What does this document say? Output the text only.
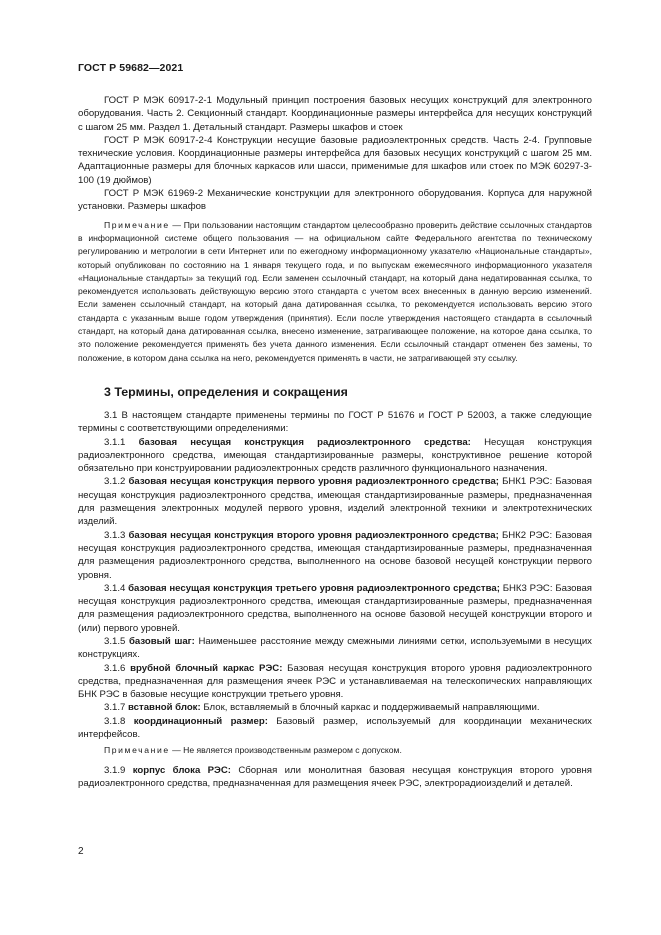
ГОСТ Р 59682—2021

ГОСТ Р МЭК 60917-2-1 Модульный принцип построения базовых несущих конструкций для электронного оборудования. Часть 2. Секционный стандарт. Координационные размеры интерфейса для несущих конструкций с шагом 25 мм. Раздел 1. Детальный стандарт. Размеры шкафов и стоек

ГОСТ Р МЭК 60917-2-4 Конструкции несущие базовые радиоэлектронных средств. Часть 2-4. Групповые технические условия. Координационные размеры интерфейса для базовых несущих конструкций с шагом 25 мм. Адаптационные размеры для блочных каркасов или шасси, применимые для шкафов или стоек по МЭК 60297-3-100 (19 дюймов)

ГОСТ Р МЭК 61969-2 Механические конструкции для электронного оборудования. Корпуса для наружной установки. Размеры шкафов

Примечание — При пользовании настоящим стандартом целесообразно проверить действие ссылочных стандартов в информационной системе общего пользования — на официальном сайте Федерального агентства по техническому регулированию и метрологии в сети Интернет или по ежегодному информационному указателю «Национальные стандарты», который опубликован по состоянию на 1 января текущего года, и по выпускам ежемесячного информационного указателя «Национальные стандарты» за текущий год. Если заменен ссылочный стандарт, на который дана недатированная ссылка, то рекомендуется использовать действующую версию этого стандарта с учетом всех внесенных в данную версию изменений. Если заменен ссылочный стандарт, на который дана датированная ссылка, то рекомендуется использовать версию этого стандарта с указанным выше годом утверждения (принятия). Если после утверждения настоящего стандарта в ссылочный стандарт, на который дана датированная ссылка, внесено изменение, затрагивающее положение, на которое дана ссылка, то это положение рекомендуется применять без учета данного изменения. Если ссылочный стандарт отменен без замены, то положение, в котором дана ссылка на него, рекомендуется применять в части, не затрагивающей эту ссылку.

3 Термины, определения и сокращения

3.1 В настоящем стандарте применены термины по ГОСТ Р 51676 и ГОСТ Р 52003, а также следующие термины с соответствующими определениями:

3.1.1 базовая несущая конструкция радиоэлектронного средства: Несущая конструкция радиоэлектронного средства, имеющая стандартизированные размеры, конструктивное решение которой обязательно при конструировании радиоэлектронных средств различного функционального назначения.

3.1.2 базовая несущая конструкция первого уровня радиоэлектронного средства; БНК1 РЭС: Базовая несущая конструкция радиоэлектронного средства, имеющая стандартизированные размеры, предназначенная для размещения электронных модулей первого уровня, изделий электронной техники и электротехнических изделий.

3.1.3 базовая несущая конструкция второго уровня радиоэлектронного средства; БНК2 РЭС: Базовая несущая конструкция радиоэлектронного средства, имеющая стандартизированные размеры, предназначенная для размещения радиоэлектронного средства, выполненного на основе базовой несущей конструкции первого уровня.

3.1.4 базовая несущая конструкция третьего уровня радиоэлектронного средства; БНК3 РЭС: Базовая несущая конструкция радиоэлектронного средства, имеющая стандартизированные размеры, предназначенная для размещения радиоэлектронного средства, выполненного на основе базовой несущей конструкции второго и (или) первого уровней.

3.1.5 базовый шаг: Наименьшее расстояние между смежными линиями сетки, используемыми в несущих конструкциях.

3.1.6 врубной блочный каркас РЭС: Базовая несущая конструкция второго уровня радиоэлектронного средства, предназначенная для размещения ячеек РЭС и устанавливаемая на телескопических направляющих БНК РЭС в базовые несущие конструкции третьего уровня.

3.1.7 вставной блок: Блок, вставляемый в блочный каркас и поддерживаемый направляющими.

3.1.8 координационный размер: Базовый размер, используемый для координации механических интерфейсов.

Примечание — Не является производственным размером с допуском.

3.1.9 корпус блока РЭС: Сборная или монолитная базовая несущая конструкция второго уровня радиоэлектронного средства, предназначенная для размещения ячеек РЭС, электрорадиоизделий и деталей.

2
